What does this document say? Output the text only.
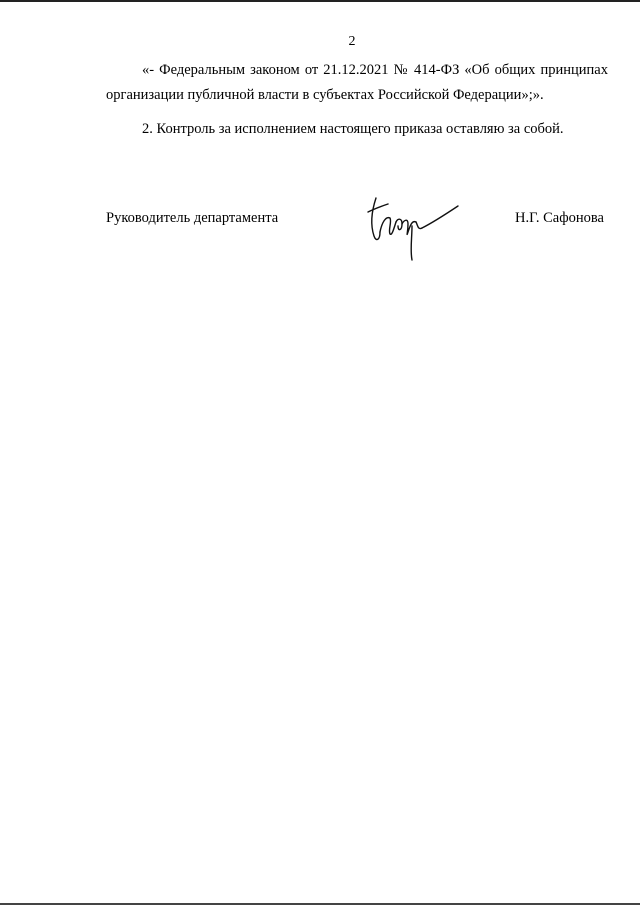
2

«- Федеральным законом от 21.12.2021 № 414-ФЗ «Об общих принципах организации публичной власти в субъектах Российской Федерации»;».

2. Контроль за исполнением настоящего приказа оставляю за собой.

Руководитель департамента	Н.Г. Сафонова
